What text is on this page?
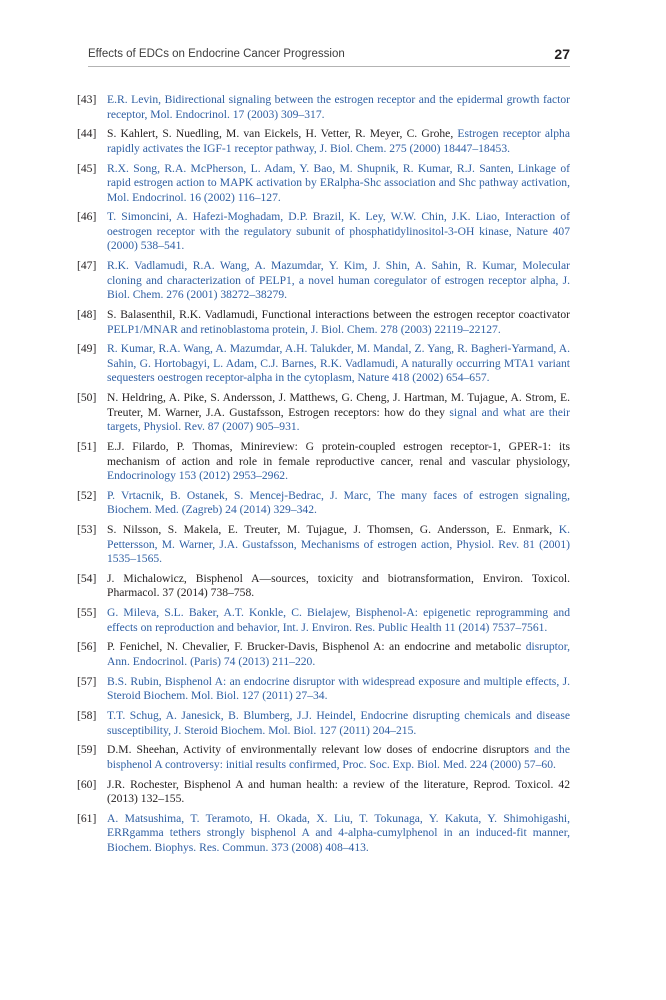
Effects of EDCs on Endocrine Cancer Progression	27
[43] E.R. Levin, Bidirectional signaling between the estrogen receptor and the epidermal growth factor receptor, Mol. Endocrinol. 17 (2003) 309–317.
[44] S. Kahlert, S. Nuedling, M. van Eickels, H. Vetter, R. Meyer, C. Grohe, Estrogen receptor alpha rapidly activates the IGF-1 receptor pathway, J. Biol. Chem. 275 (2000) 18447–18453.
[45] R.X. Song, R.A. McPherson, L. Adam, Y. Bao, M. Shupnik, R. Kumar, R.J. Santen, Linkage of rapid estrogen action to MAPK activation by ERalpha-Shc association and Shc pathway activation, Mol. Endocrinol. 16 (2002) 116–127.
[46] T. Simoncini, A. Hafezi-Moghadam, D.P. Brazil, K. Ley, W.W. Chin, J.K. Liao, Interaction of oestrogen receptor with the regulatory subunit of phosphatidylinositol-3-OH kinase, Nature 407 (2000) 538–541.
[47] R.K. Vadlamudi, R.A. Wang, A. Mazumdar, Y. Kim, J. Shin, A. Sahin, R. Kumar, Molecular cloning and characterization of PELP1, a novel human coregulator of estrogen receptor alpha, J. Biol. Chem. 276 (2001) 38272–38279.
[48] S. Balasenthil, R.K. Vadlamudi, Functional interactions between the estrogen receptor coactivator PELP1/MNAR and retinoblastoma protein, J. Biol. Chem. 278 (2003) 22119–22127.
[49] R. Kumar, R.A. Wang, A. Mazumdar, A.H. Talukder, M. Mandal, Z. Yang, R. Bagheri-Yarmand, A. Sahin, G. Hortobagyi, L. Adam, C.J. Barnes, R.K. Vadlamudi, A naturally occurring MTA1 variant sequesters oestrogen receptor-alpha in the cytoplasm, Nature 418 (2002) 654–657.
[50] N. Heldring, A. Pike, S. Andersson, J. Matthews, G. Cheng, J. Hartman, M. Tujague, A. Strom, E. Treuter, M. Warner, J.A. Gustafsson, Estrogen receptors: how do they signal and what are their targets, Physiol. Rev. 87 (2007) 905–931.
[51] E.J. Filardo, P. Thomas, Minireview: G protein-coupled estrogen receptor-1, GPER-1: its mechanism of action and role in female reproductive cancer, renal and vascular physiology, Endocrinology 153 (2012) 2953–2962.
[52] P. Vrtacnik, B. Ostanek, S. Mencej-Bedrac, J. Marc, The many faces of estrogen signaling, Biochem. Med. (Zagreb) 24 (2014) 329–342.
[53] S. Nilsson, S. Makela, E. Treuter, M. Tujague, J. Thomsen, G. Andersson, E. Enmark, K. Pettersson, M. Warner, J.A. Gustafsson, Mechanisms of estrogen action, Physiol. Rev. 81 (2001) 1535–1565.
[54] J. Michalowicz, Bisphenol A—sources, toxicity and biotransformation, Environ. Toxicol. Pharmacol. 37 (2014) 738–758.
[55] G. Mileva, S.L. Baker, A.T. Konkle, C. Bielajew, Bisphenol-A: epigenetic reprogramming and effects on reproduction and behavior, Int. J. Environ. Res. Public Health 11 (2014) 7537–7561.
[56] P. Fenichel, N. Chevalier, F. Brucker-Davis, Bisphenol A: an endocrine and metabolic disruptor, Ann. Endocrinol. (Paris) 74 (2013) 211–220.
[57] B.S. Rubin, Bisphenol A: an endocrine disruptor with widespread exposure and multiple effects, J. Steroid Biochem. Mol. Biol. 127 (2011) 27–34.
[58] T.T. Schug, A. Janesick, B. Blumberg, J.J. Heindel, Endocrine disrupting chemicals and disease susceptibility, J. Steroid Biochem. Mol. Biol. 127 (2011) 204–215.
[59] D.M. Sheehan, Activity of environmentally relevant low doses of endocrine disruptors and the bisphenol A controversy: initial results confirmed, Proc. Soc. Exp. Biol. Med. 224 (2000) 57–60.
[60] J.R. Rochester, Bisphenol A and human health: a review of the literature, Reprod. Toxicol. 42 (2013) 132–155.
[61] A. Matsushima, T. Teramoto, H. Okada, X. Liu, T. Tokunaga, Y. Kakuta, Y. Shimohigashi, ERRgamma tethers strongly bisphenol A and 4-alpha-cumylphenol in an induced-fit manner, Biochem. Biophys. Res. Commun. 373 (2008) 408–413.
